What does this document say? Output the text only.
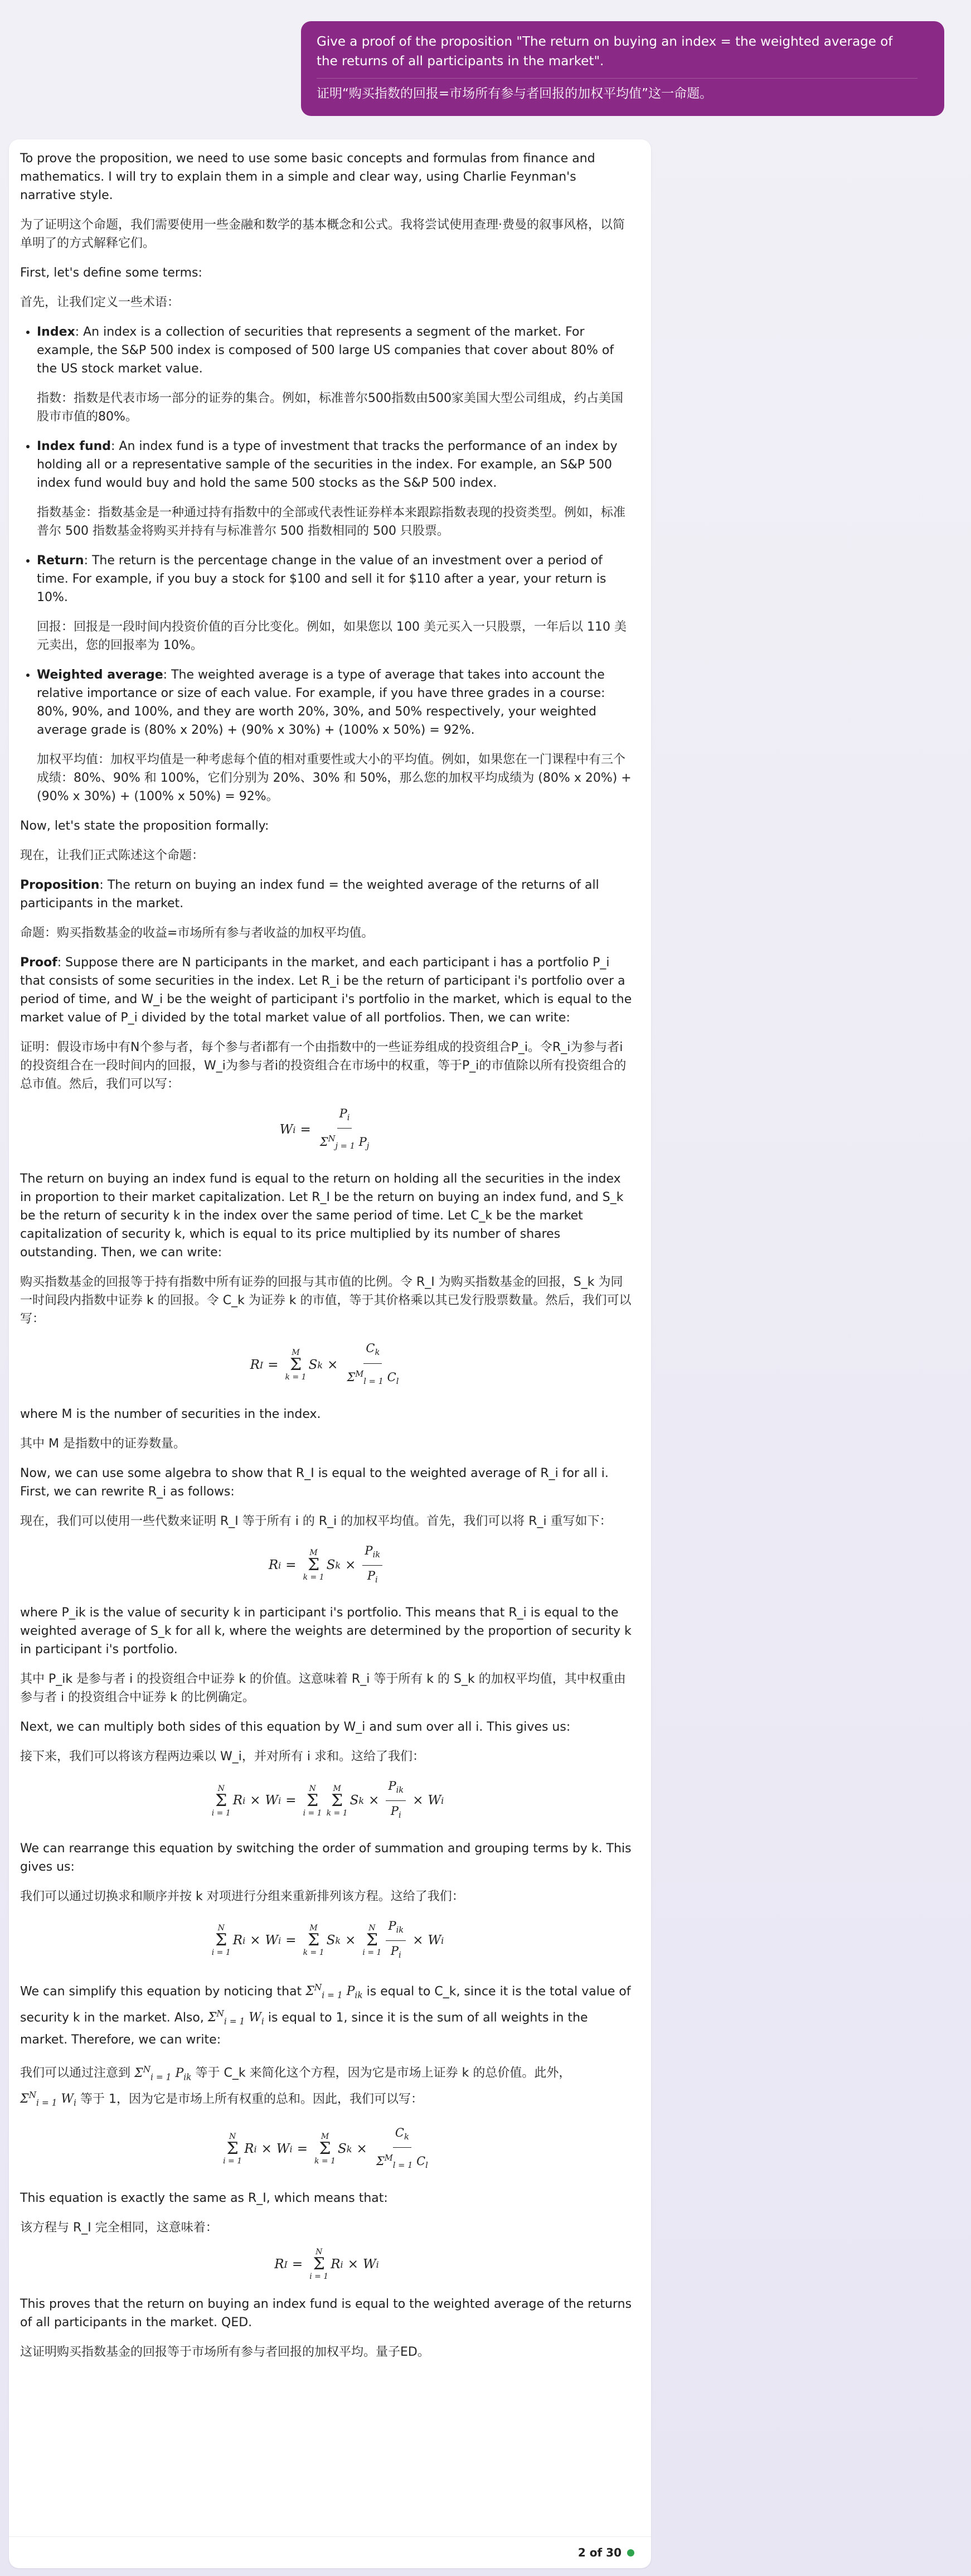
Give a proof of the proposition "The return on buying an index = the weighted average of the returns of all participants in the market".

证明“购买指数的回报=市场所有参与者回报的加权平均值”这一命题。

To prove the proposition, we need to use some basic concepts and formulas from finance and mathematics. I will try to explain them in a simple and clear way, using Charlie Feynman's narrative style.

为了证明这个命题，我们需要使用一些金融和数学的基本概念和公式。我将尝试使用查理·费曼的叙事风格，以简单明了的方式解释它们。

First, let's define some terms:

首先，让我们定义一些术语：

• Index: An index is a collection of securities that represents a segment of the market. For example, the S&P 500 index is composed of 500 large US companies that cover about 80% of the US stock market value.

指数：指数是代表市场一部分的证券的集合。例如，标准普尔500指数由500家美国大型公司组成，约占美国股市市值的80%。

• Index fund: An index fund is a type of investment that tracks the performance of an index by holding all or a representative sample of the securities in the index. For example, an S&P 500 index fund would buy and hold the same 500 stocks as the S&P 500 index.

指数基金：指数基金是一种通过持有指数中的全部或代表性证券样本来跟踪指数表现的投资类型。例如，标准普尔 500 指数基金将购买并持有与标准普尔 500 指数相同的 500 只股票。

• Return: The return is the percentage change in the value of an investment over a period of time. For example, if you buy a stock for $100 and sell it for $110 after a year, your return is 10%.

回报：回报是一段时间内投资价值的百分比变化。例如，如果您以 100 美元买入一只股票，一年后以 110 美元卖出，您的回报率为 10%。

• Weighted average: The weighted average is a type of average that takes into account the relative importance or size of each value. For example, if you have three grades in a course: 80%, 90%, and 100%, and they are worth 20%, 30%, and 50% respectively, your weighted average grade is (80% x 20%) + (90% x 30%) + (100% x 50%) = 92%.

加权平均值：加权平均值是一种考虑每个值的相对重要性或大小的平均值。例如，如果您在一门课程中有三个成绩：80%、90% 和 100%，它们分别为 20%、30% 和 50%，那么您的加权平均成绩为 (80% x 20%) + (90% x 30%) + (100% x 50%) = 92%。

Now, let's state the proposition formally:

现在，让我们正式陈述这个命题：

Proposition: The return on buying an index fund = the weighted average of the returns of all participants in the market.

命题：购买指数基金的收益=市场所有参与者收益的加权平均值。

Proof: Suppose there are N participants in the market, and each participant i has a portfolio P_i that consists of some securities in the index. Let R_i be the return of participant i's portfolio over a period of time, and W_i be the weight of participant i's portfolio in the market, which is equal to the market value of P_i divided by the total market value of all portfolios. Then, we can write:

证明：假设市场中有N个参与者，每个参与者i都有一个由指数中的一些证券组成的投资组合P_i。令R_i为参与者i的投资组合在一段时间内的回报，W_i为参与者i的投资组合在市场中的权重，等于P_i的市值除以所有投资组合的总市值。然后，我们可以写：

W $i = \frac{P_i}{\Sigma^N_{j = 1} P_j}$

The return on buying an index fund is equal to the return on holding all the securities in the index in proportion to their market capitalization. Let R_I be the return on buying an index fund, and S_k be the return of security k in the index over the same period of time. Let C_k be the market capitalization of security k, which is equal to its price multiplied by its number of shares outstanding. Then, we can write:

购买指数基金的回报等于持有指数中所有证券的回报与其市值的比例。令 R_I 为购买指数基金的回报，S_k 为同一时间段内指数中证券 k 的回报。令 C_k 为证券 k 的市值，等于其价格乘以其已发行股票数量。然后，我们可以写：

R I =
M
Σ
k = 1
S $k \times \frac{C_k}{\Sigma^M_{l = 1} C_l}$

where M is the number of securities in the index.

其中 M 是指数中的证券数量。

Now, we can use some algebra to show that R_I is equal to the weighted average of R_i for all i. First, we can rewrite R_i as follows:

现在，我们可以使用一些代数来证明 R_I 等于所有 i 的 R_i 的加权平均值。首先，我们可以将 R_i 重写如下：

R i =
M
Σ
k = 1
S $k \times \frac{P_{ik}}{P_i}$

where P_ik is the value of security k in participant i's portfolio. This means that R_i is equal to the weighted average of S_k for all k, where the weights are determined by the proportion of security k in participant i's portfolio.

其中 P_ik 是参与者 i 的投资组合中证券 k 的价值。这意味着 R_i 等于所有 k 的 S_k 的加权平均值，其中权重由参与者 i 的投资组合中证券 k 的比例确定。

Next, we can multiply both sides of this equation by W_i and sum over all i. This gives us:

接下来，我们可以将该方程两边乘以 W_i，并对所有 i 求和。这给了我们：

N
Σ
i = 1
R i × W i =
N
Σ
i = 1
M
Σ
k = 1
S $k \times \frac{P_{ik}}{P_i} \times W$ i

We can rearrange this equation by switching the order of summation and grouping terms by k. This gives us:

我们可以通过切换求和顺序并按 k 对项进行分组来重新排列该方程。这给了我们：

N
Σ
i = 1
R i × W i =
M
Σ
k = 1
S k ×
N
Σ
$i = 1 \frac{P_{ik}}{P_i} \times W$ i

We can simplify this equation by noticing that $\Sigma^N_{i = 1}$ $P_{ik}$ is equal to C_k, since it is the total value of security k in the market. Also, $\Sigma^N_{i = 1}$ $W_i$ is equal to 1, since it is the sum of all weights in the market. Therefore, we can write:

我们可以通过注意到 $\Sigma^N_{i = 1}$ $P_{ik}$ 等于 C_k 来简化这个方程，因为它是市场上证券 k 的总价值。此外，
$\Sigma^N_{i = 1}$ $W_i$ 等于 1，因为它是市场上所有权重的总和。因此，我们可以写：

N
Σ
i = 1
R i × W i =
M
Σ
k = 1
S $k \times \frac{C_k}{\Sigma^M_{l = 1} C_l}$

This equation is exactly the same as R_I, which means that:

该方程与 R_I 完全相同，这意味着：

R I =
N
Σ
i = 1
R i × W i

This proves that the return on buying an index fund is equal to the weighted average of the returns of all participants in the market. QED.

这证明购买指数基金的回报等于市场所有参与者回报的加权平均。量子ED。

2 of 30
